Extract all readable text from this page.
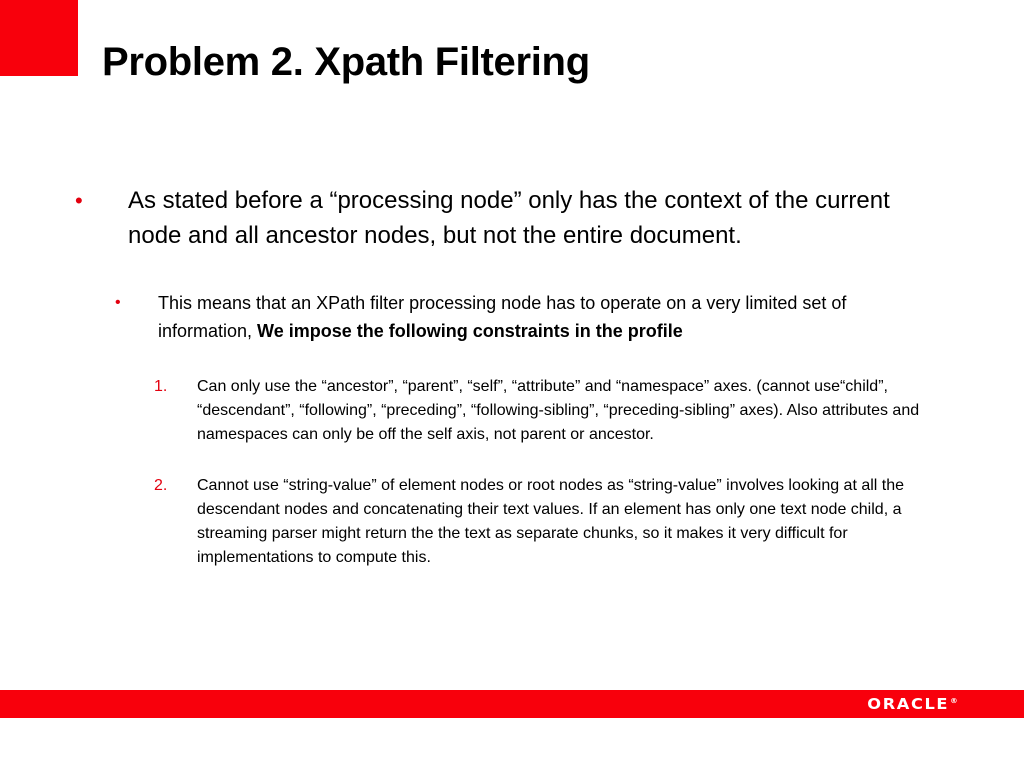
Problem 2. Xpath Filtering
• As stated before a “processing node” only has the context of the current node and all ancestor nodes, but not the entire document.
• This means that an XPath filter processing node has to operate on a very limited set of information, We impose the following constraints in the profile
1. Can only use the “ancestor”, “parent”, “self”, “attribute” and “namespace” axes. (cannot use“child”, “descendant”, “following”, “preceding”, “following-sibling”, “preceding-sibling” axes). Also attributes and namespaces can only be off the self axis, not parent or ancestor.
2. Cannot use “string-value” of element nodes or root nodes as “string-value” involves looking at all the descendant nodes and concatenating their text values. If an element has only one text node child, a streaming parser might return the the text as separate chunks, so it makes it very difficult for implementations to compute this.
ORACLE ®
